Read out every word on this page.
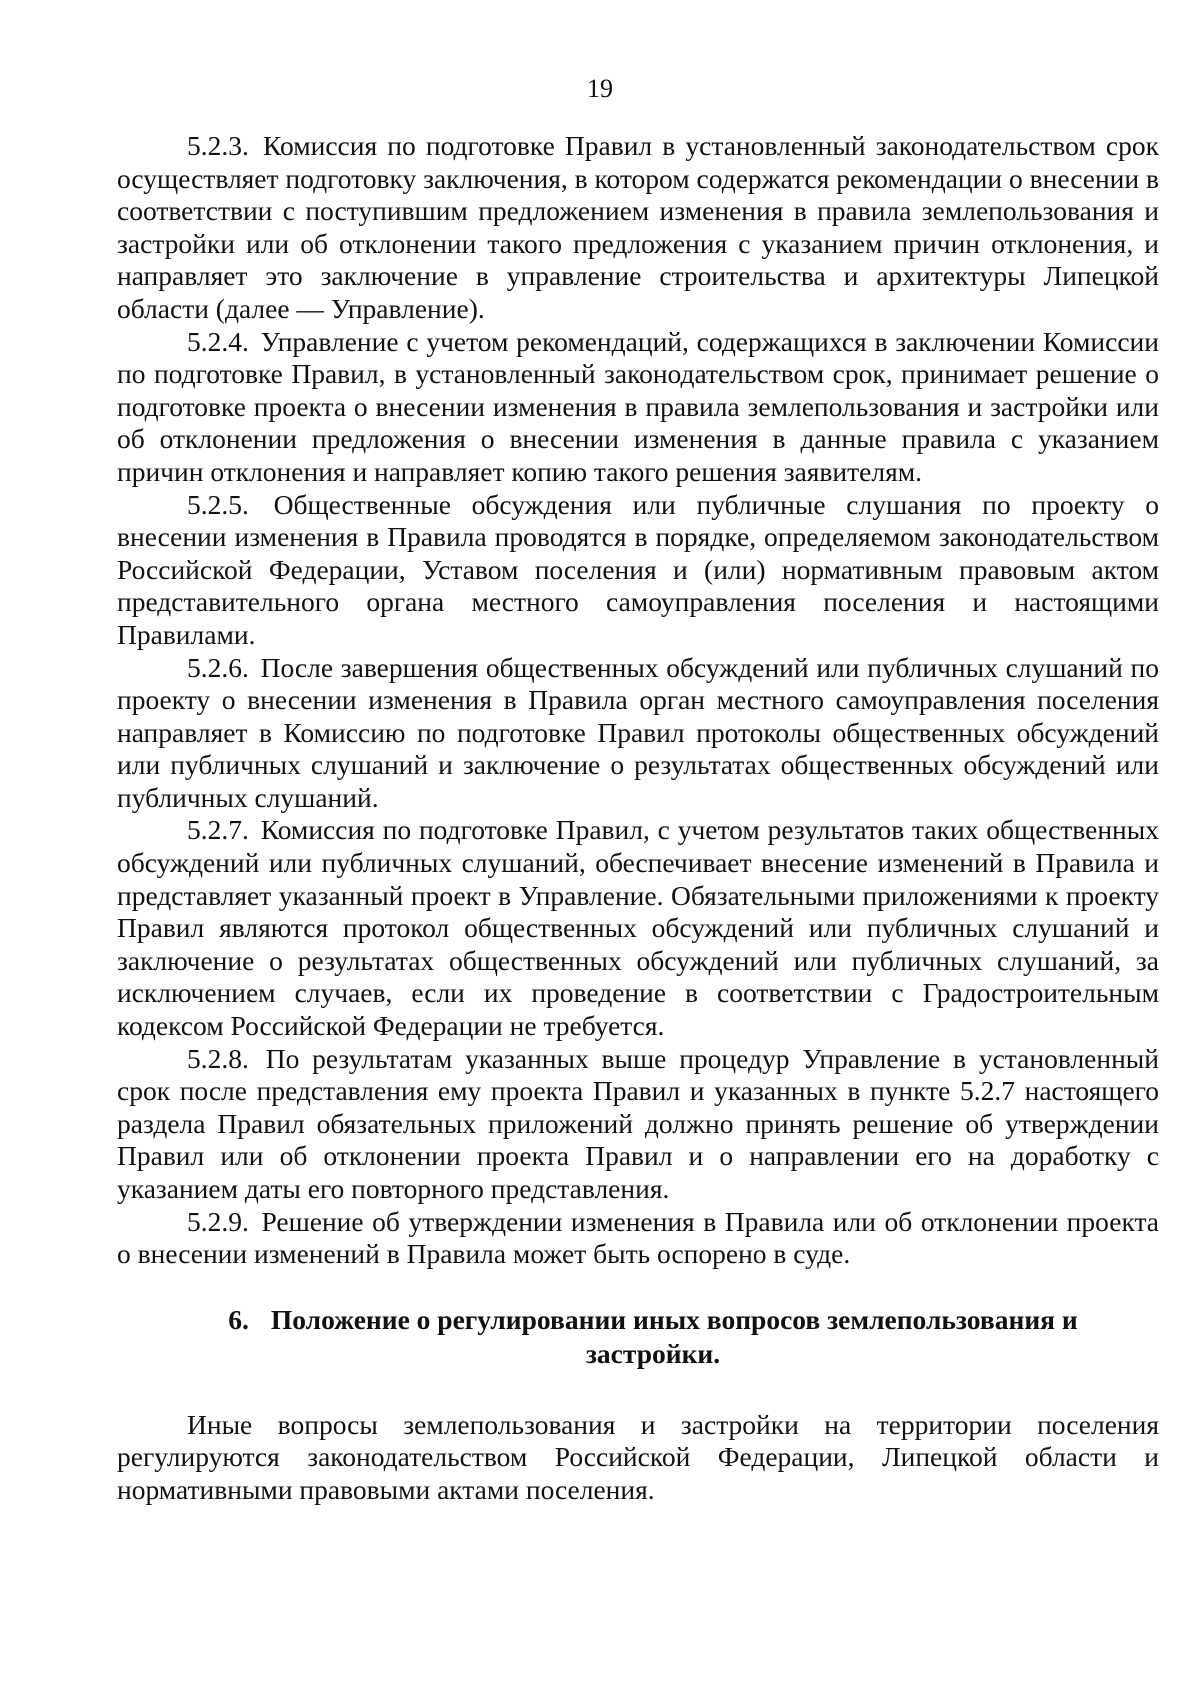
19

5.2.3. Комиссия по подготовке Правил в установленный законодательством срок осуществляет подготовку заключения, в котором содержатся рекомендации о внесении в соответствии с поступившим предложением изменения в правила землепользования и застройки или об отклонении такого предложения с указанием причин отклонения, и направляет это заключение в управление строительства и архитектуры Липецкой области (далее — Управление).

5.2.4. Управление с учетом рекомендаций, содержащихся в заключении Комиссии по подготовке Правил, в установленный законодательством срок, принимает решение о подготовке проекта о внесении изменения в правила землепользования и застройки или об отклонении предложения о внесении изменения в данные правила с указанием причин отклонения и направляет копию такого решения заявителям.

5.2.5. Общественные обсуждения или публичные слушания по проекту о внесении изменения в Правила проводятся в порядке, определяемом законодательством Российской Федерации, Уставом поселения и (или) нормативным правовым актом представительного органа местного самоуправления поселения и настоящими Правилами.

5.2.6. После завершения общественных обсуждений или публичных слушаний по проекту о внесении изменения в Правила орган местного самоуправления поселения направляет в Комиссию по подготовке Правил протоколы общественных обсуждений или публичных слушаний и заключение о результатах общественных обсуждений или публичных слушаний.

5.2.7. Комиссия по подготовке Правил, с учетом результатов таких общественных обсуждений или публичных слушаний, обеспечивает внесение изменений в Правила и представляет указанный проект в Управление. Обязательными приложениями к проекту Правил являются протокол общественных обсуждений или публичных слушаний и заключение о результатах общественных обсуждений или публичных слушаний, за исключением случаев, если их проведение в соответствии с Градостроительным кодексом Российской Федерации не требуется.

5.2.8. По результатам указанных выше процедур Управление в установленный срок после представления ему проекта Правил и указанных в пункте 5.2.7 настоящего раздела Правил обязательных приложений должно принять решение об утверждении Правил или об отклонении проекта Правил и о направлении его на доработку с указанием даты его повторного представления.

5.2.9. Решение об утверждении изменения в Правила или об отклонении проекта о внесении изменений в Правила может быть оспорено в суде.

6. Положение о регулировании иных вопросов землепользования и застройки.

Иные вопросы землепользования и застройки на территории поселения регулируются законодательством Российской Федерации, Липецкой области и нормативными правовыми актами поселения.
